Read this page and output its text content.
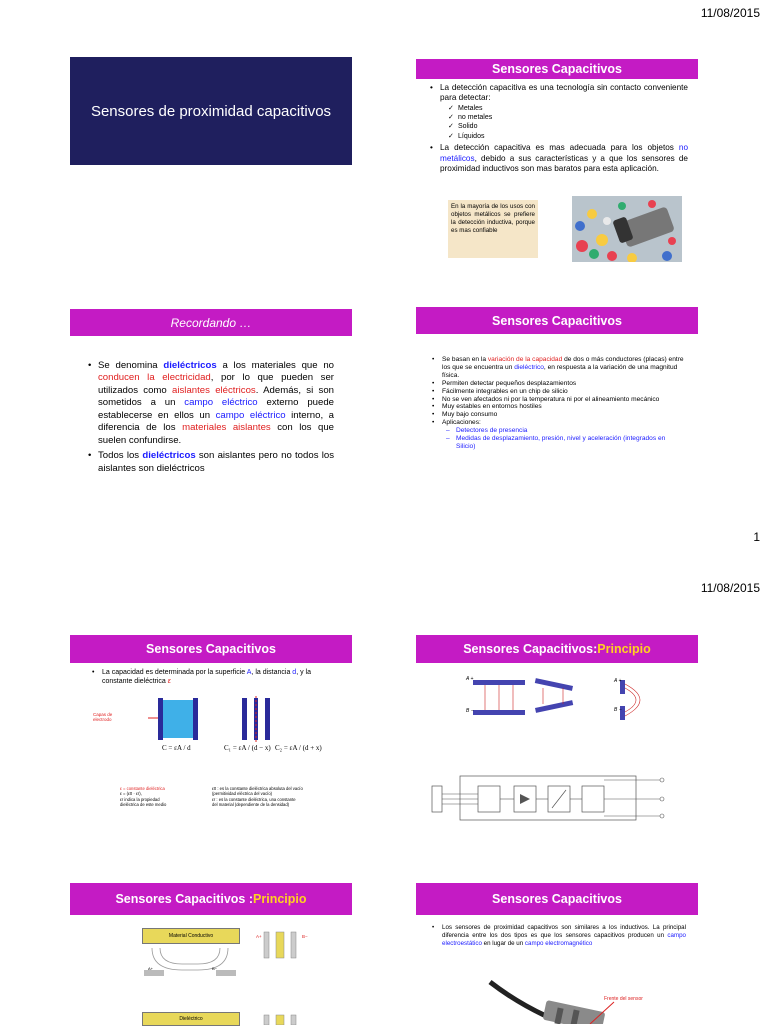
11/08/2015
Sensores de proximidad capacitivos
Sensores Capacitivos
• La detección capacitiva es una tecnología sin contacto conveniente para detectar:
✓ Metales
✓ no metales
✓ Solido
✓ Líquidos
• La detección capacitiva es mas adecuada para los objetos no metálicos, debido a sus características y a que los sensores de proximidad inductivos son mas baratos para esta aplicación.
En la mayoría de los usos con objetos metálicos se prefiere la detección inductiva, porque es mas confiable
Recordando …
• Se denomina dieléctricos a los materiales que no conducen la electricidad, por lo que pueden ser utilizados como aislantes eléctricos. Además, si son sometidos a un campo eléctrico externo puede establecerse en ellos un campo eléctrico interno, a diferencia de los materiales aislantes con los que suelen confundirse.
• Todos los dieléctricos son aislantes pero no todos los aislantes son dieléctricos
Sensores Capacitivos
• Se basan en la variación de la capacidad de dos o más conductores (placas) entre los que se encuentra un dieléctrico, en respuesta a la variación de una magnitud física.
• Permiten detectar pequeños desplazamientos
• Fácilmente integrables en un chip de silicio
• No se ven afectados ni por la temperatura ni por el alineamiento mecánico
• Muy estables en entornos hostiles
• Muy bajo consumo
• Aplicaciones:
– Detectores de presencia
– Medidas de desplazamiento, presión, nivel y aceleración (integrados en Silicio)
1
11/08/2015
Sensores Capacitivos
• La capacidad es determinada por la superficie A, la distancia d, y la constante dieléctrica ε
Capas de electrodo
C = εA / d	C₁ = εA / (d − x) C₂ = εA / (d + x)
ε = constante dieléctrica
ε = (ε0 · εr),
εr indica la propiedad
dieléctrica de este medio
ε0 : es la constante dieléctrica absoluta del vacío
(permitividad eléctrica del vacío)
εr : es la constante dieléctrica, una constante
del material (dependiente de la densidad)
Sensores Capacitivos: Principio
A +
B −
A +
B −
Sensores Capacitivos : Principio
Material Conductivo
A+
A+	B−
Dieléctrico
B−
Sensores Capacitivos
• Los sensores de proximidad capacitivos son similares a los inductivos. La principal diferencia entre los dos tipos es que los sensores capacitivos producen un campo electroestático en lugar de un campo electromagnético
Frente del sensor
